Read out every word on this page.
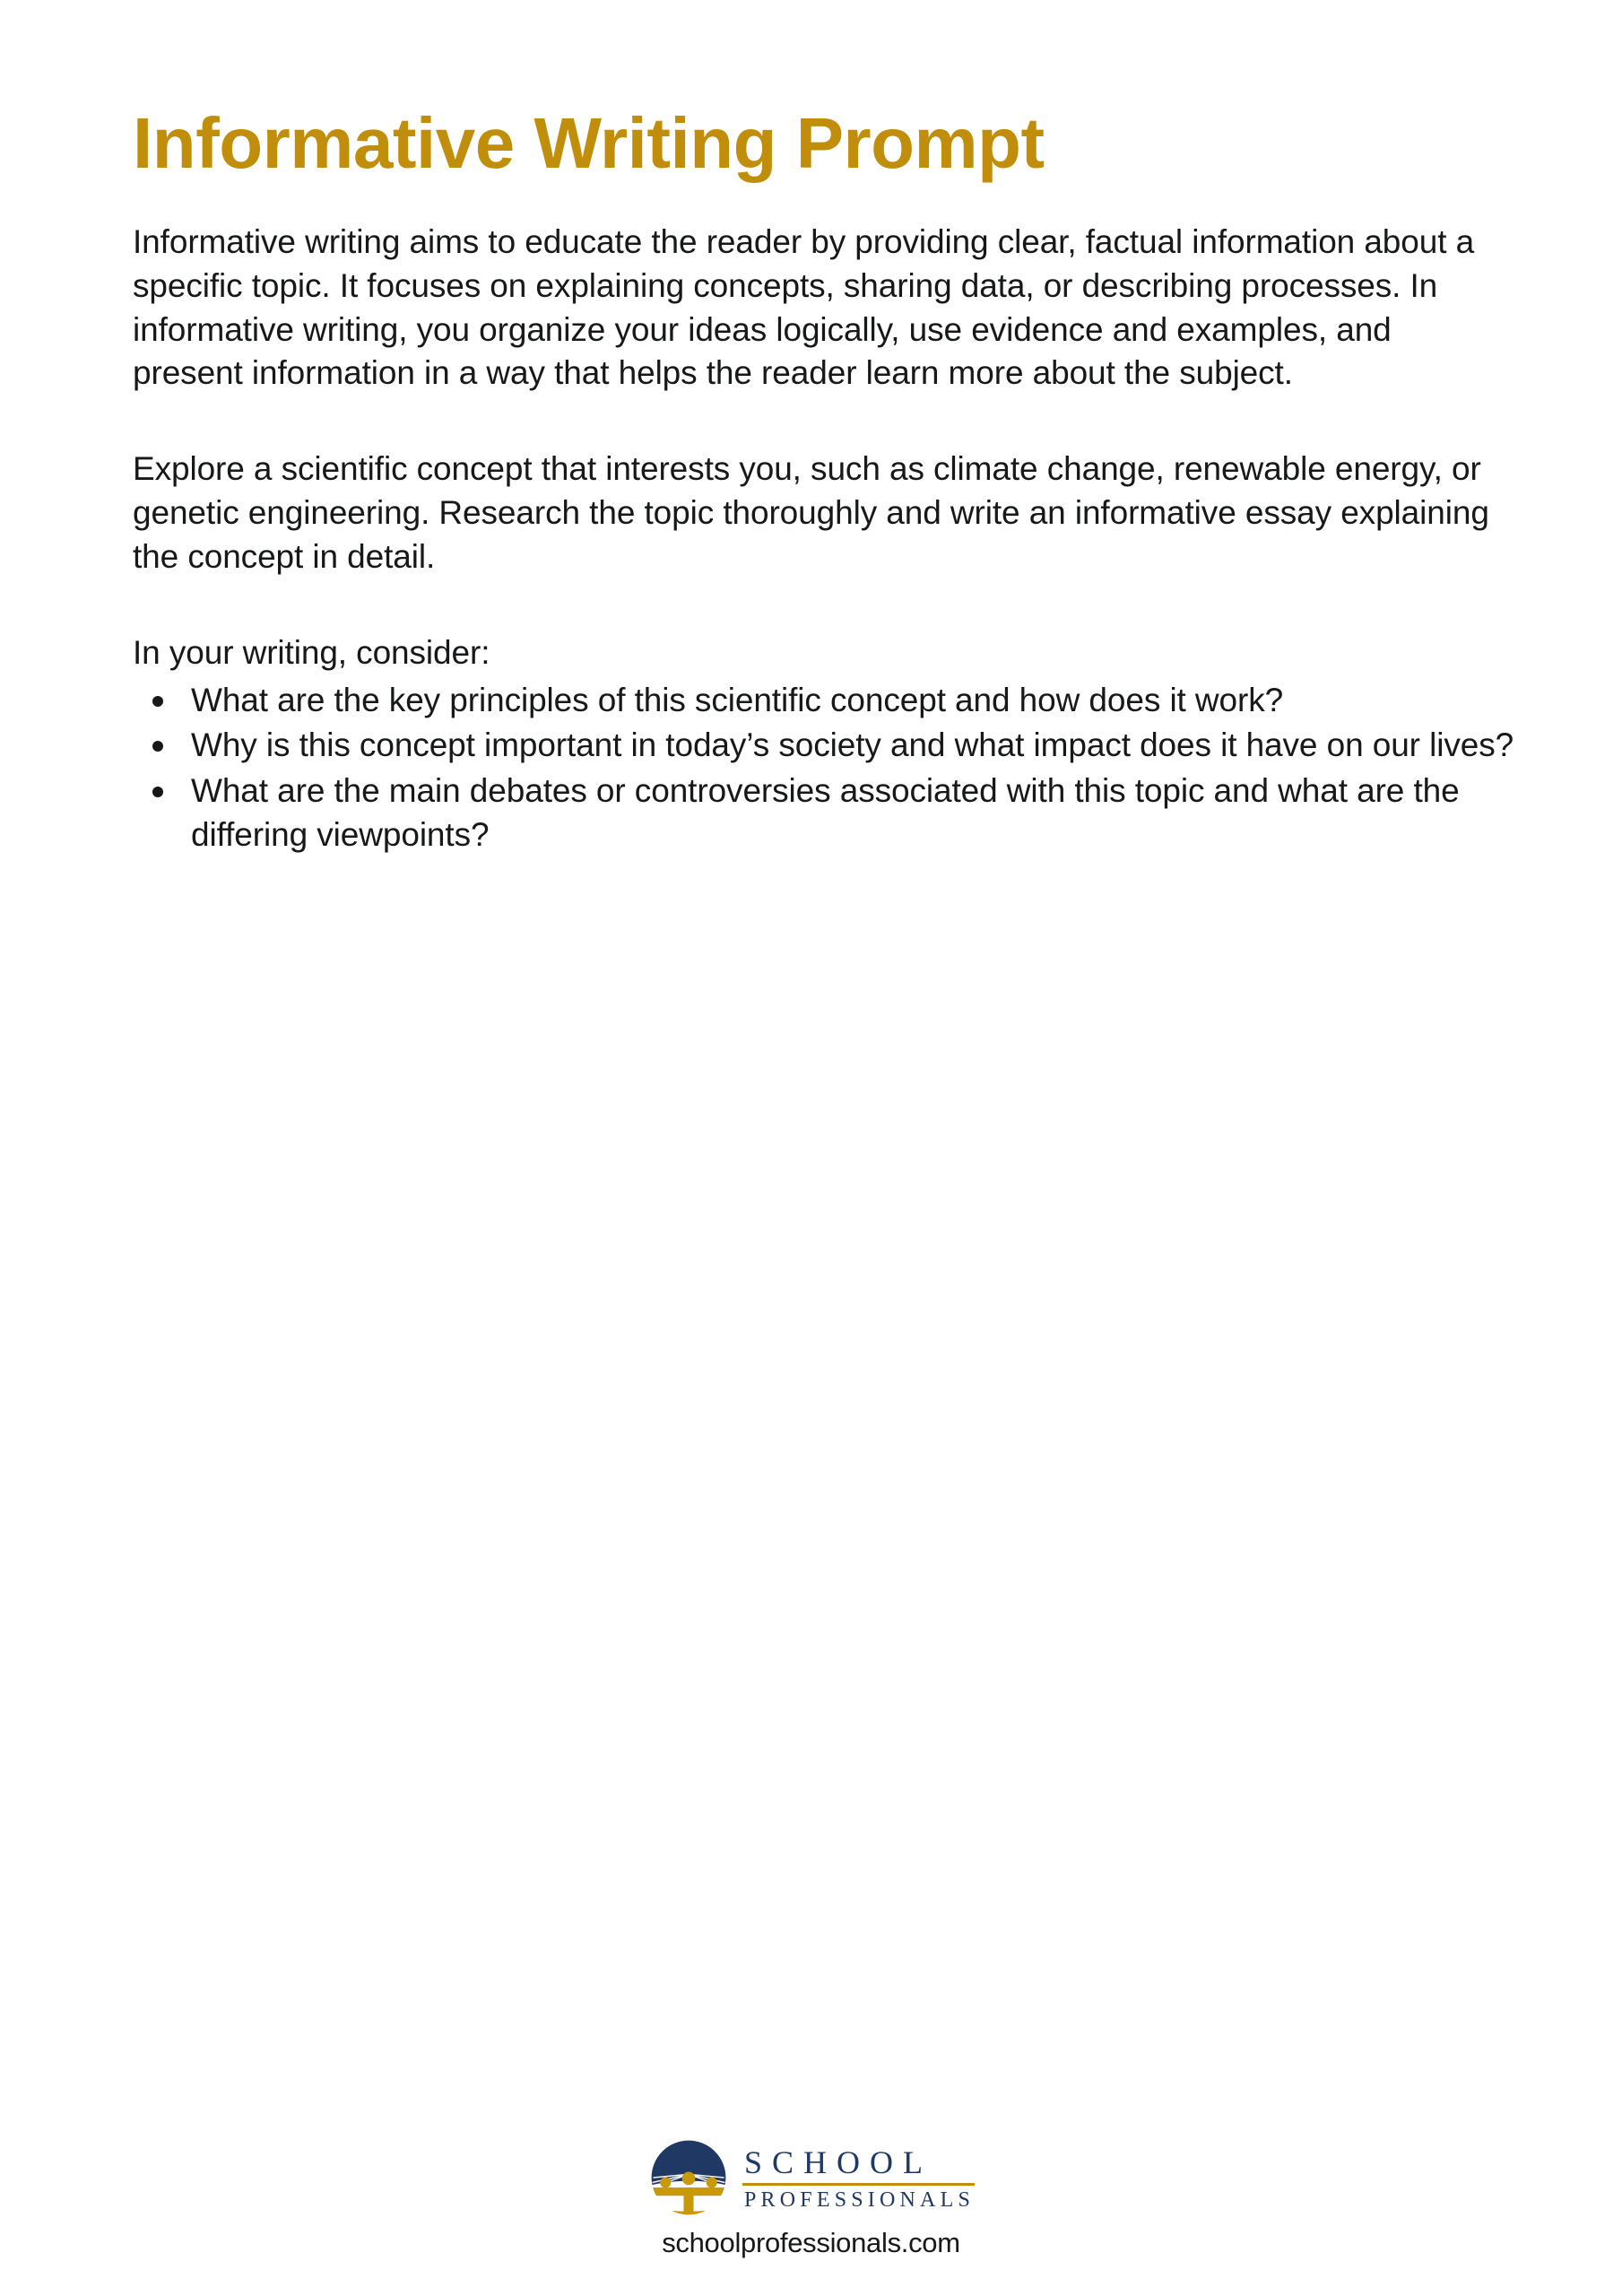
Informative Writing Prompt

Informative writing aims to educate the reader by providing clear, factual information about a specific topic. It focuses on explaining concepts, sharing data, or describing processes. In informative writing, you organize your ideas logically, use evidence and examples, and present information in a way that helps the reader learn more about the subject.

Explore a scientific concept that interests you, such as climate change, renewable energy, or genetic engineering. Research the topic thoroughly and write an informative essay explaining the concept in detail.

In your writing, consider:

What are the key principles of this scientific concept and how does it work?
Why is this concept important in today’s society and what impact does it have on our lives?
What are the main debates or controversies associated with this topic and what are the differing viewpoints?
SCHOOL
PROFESSIONALS
schoolprofessionals.com
